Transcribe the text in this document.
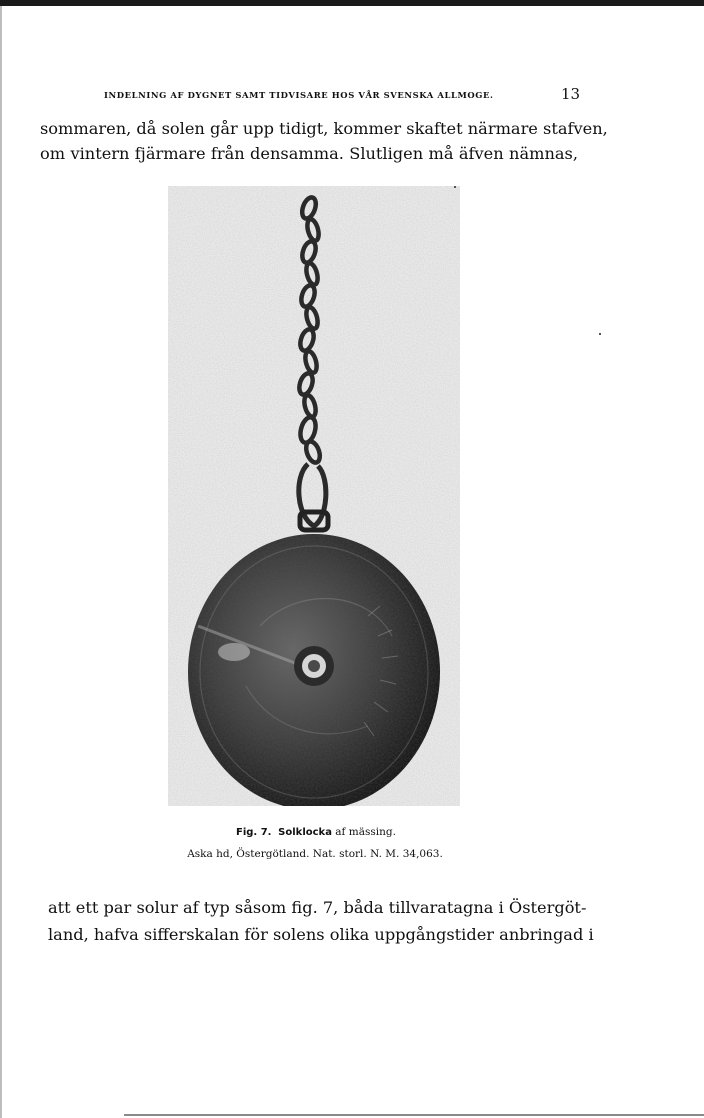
INDELNING AF DYGNET SAMT TIDVISARE HOS VÅR SVENSKA ALLMOGE.	13
sommaren, då solen går upp tidigt, kommer skaftet närmare stafven,
om vintern fjärmare från densamma. Slutligen må äfven nämnas,
Fig. 7. Solklocka af mässing.
Aska hd, Östergötland. Nat. storl. N. M. 34,063.
att ett par solur af typ såsom fig. 7, båda tillvaratagna i Östergöt-
land, hafva sifferskalan för solens olika uppgångstider anbringad i
